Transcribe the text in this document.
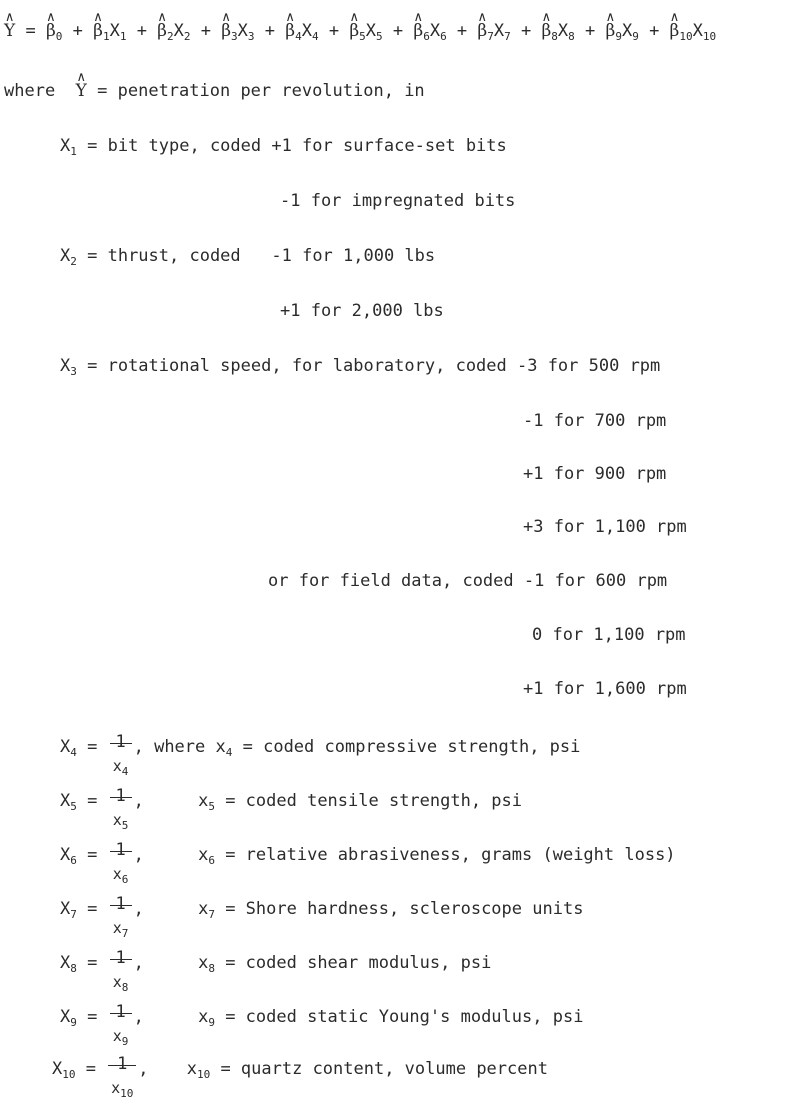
∧ Y = ∧ $\beta_0$ + ∧ $\beta_1X_1$ + ∧ $\beta_2X_2$ + ∧ $\beta_3X_3$ + ∧ $\beta_4X_4$ + ∧ $\beta_5X_5$ + ∧ $\beta_6X_6$ + ∧ $\beta_7X_7$ + ∧ $\beta_8X_8$ + ∧ $\beta_9X_9$ + ∧ $\beta_{10}X_{10}$
where  ∧ Y = penetration per revolution, in
$X_1$ = bit type, coded +1 for surface-set bits
-1 for impregnated bits
$X_2$ = thrust, coded -1 for 1,000 lbs
+1 for 2,000 lbs
$X_3$ = rotational speed, for laboratory, coded -3 for 500 rpm
-1 for 700 rpm
+1 for 900 rpm
+3 for 1,100 rpm
or for field data, coded -1 for 600 rpm
0 for 1,100 rpm
+1 for 1,600 rpm
$X_4 = 1$
$x_4$
, where $x_4$ = coded compressive strength, psi
$X_5 = 1$
$x_5$
,	$x_5$ = coded tensile strength, psi
$X_6 = 1$
$x_6$
,	$x_6$ = relative abrasiveness, grams (weight loss)
$X_7 = 1$
$x_7$
,	$x_7$ = Shore hardness, scleroscope units
$X_8 = 1$
$x_8$
,	$x_8$ = coded shear modulus, psi
$X_9 = 1$
$x_9$
,	$x_9$ = coded static Young's modulus, psi
$X_{10} = 1$
$x_{10}$
, $x_{10}$ = quartz content, volume percent
